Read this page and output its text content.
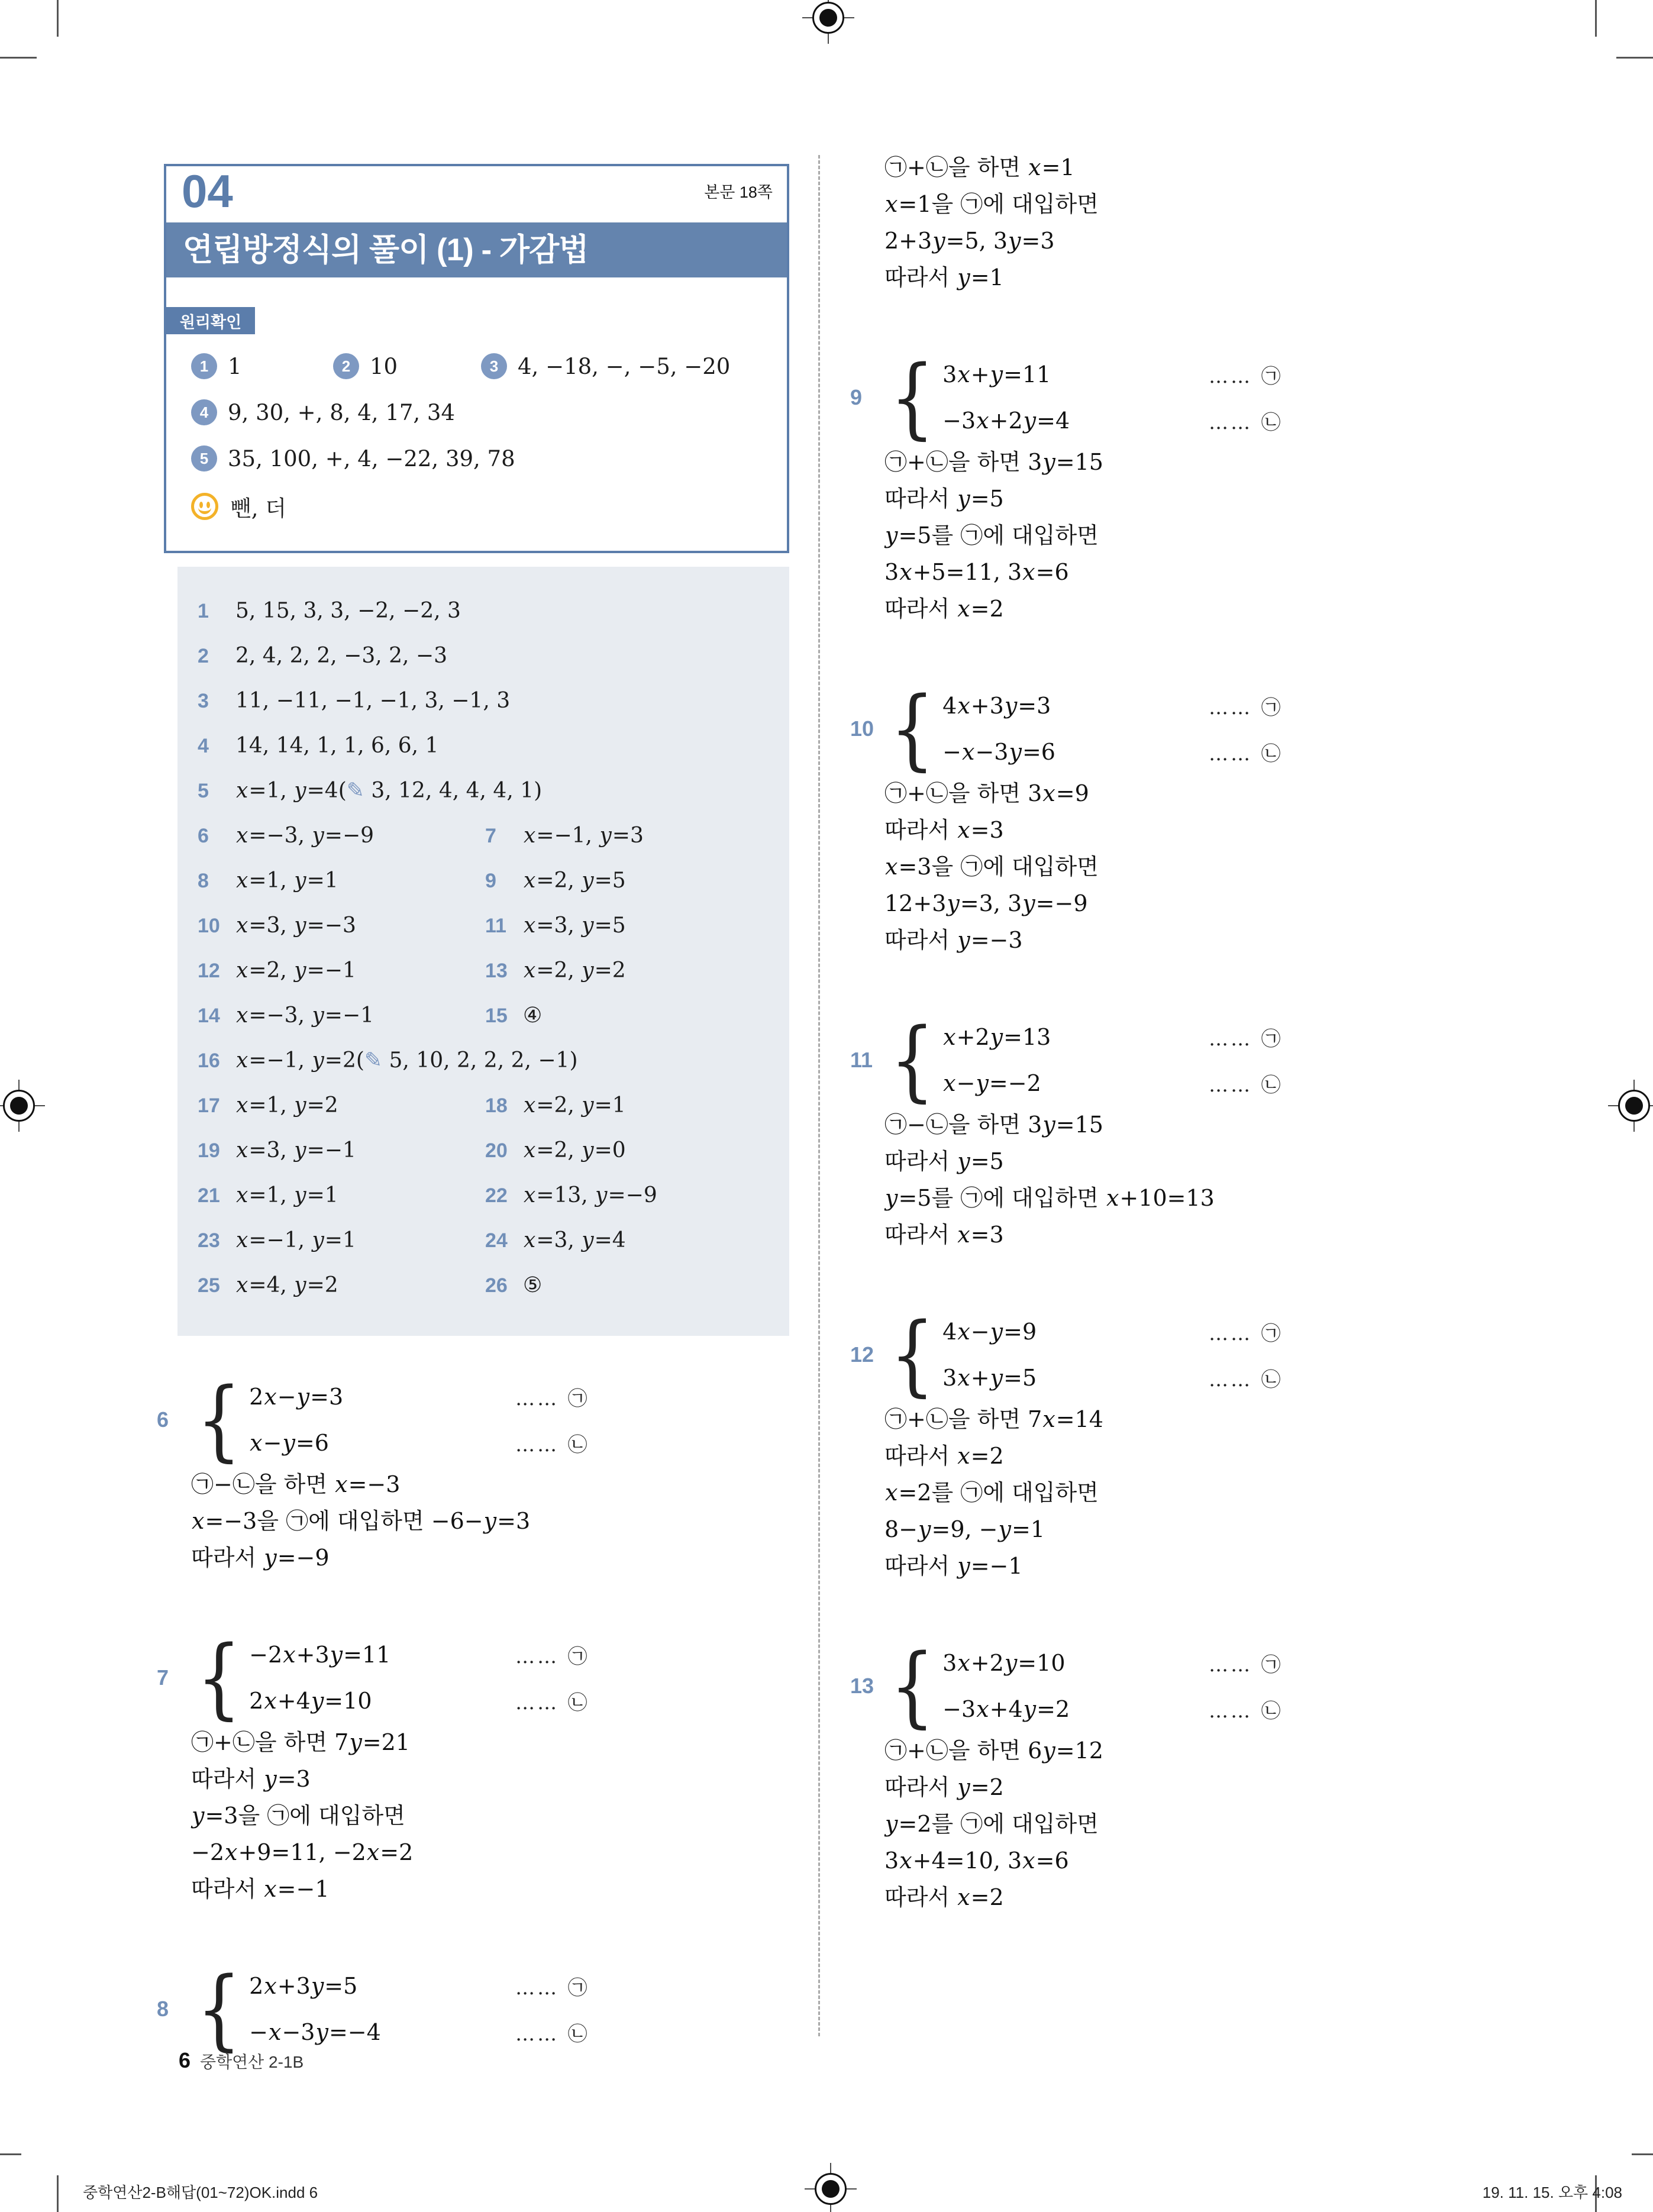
04	본문 18쪽
연립방정식의 풀이 (1) - 가감법
원리확인
1 1	2 10	3 4, −18, −, −5, −20
4 9, 30, +, 8, 4, 17, 34
5 35, 100, +, 4, −22, 39, 78
뺀, 더
1	5, 15, 3, 3, −2, −2, 3
2	2, 4, 2, 2, −3, 2, −3
3	11, −11, −1, −1, 3, −1, 3
4	14, 14, 1, 1, 6, 6, 1
5	x=1, y=4(✎ 3, 12, 4, 4, 4, 1)
6	x=−3, y=−9	7	x=−1, y=3
8	x=1, y=1	9	x=2, y=5
10 x=3, y=−3	11 x=3, y=5
12 x=2, y=−1	13 x=2, y=2
14 x=−3, y=−1	15 ④
16 x=−1, y=2(✎ 5, 10, 2, 2, 2, −1)
17 x=1, y=2	18 x=2, y=1
19 x=3, y=−1	20 x=2, y=0
21 x=1, y=1	22 x=13, y=−9
23 x=−1, y=1	24 x=3, y=4
25 x=4, y=2	26 ⑤
6 { 2x−y=3	…… ㉠
x−y=6	…… ㉡
㉠−㉡을 하면 x=−3
x=−3을 ㉠에 대입하면 −6−y=3
따라서 y=−9
7 { −2x+3y=11	…… ㉠
2x+4y=10	…… ㉡
㉠+㉡을 하면 7y=21
따라서 y=3
y=3을 ㉠에 대입하면
−2x+9=11, −2x=2
따라서 x=−1
8 { 2x+3y=5	…… ㉠
−x−3y=−4	…… ㉡
㉠+㉡을 하면 x=1
x=1을 ㉠에 대입하면
2+3y=5, 3y=3
따라서 y=1
9 { 3x+y=11	…… ㉠
−3x+2y=4	…… ㉡
㉠+㉡을 하면 3y=15
따라서 y=5
y=5를 ㉠에 대입하면
3x+5=11, 3x=6
따라서 x=2
10 { 4x+3y=3	…… ㉠
−x−3y=6	…… ㉡
㉠+㉡을 하면 3x=9
따라서 x=3
x=3을 ㉠에 대입하면
12+3y=3, 3y=−9
따라서 y=−3
11 { x+2y=13	…… ㉠
x−y=−2	…… ㉡
㉠−㉡을 하면 3y=15
따라서 y=5
y=5를 ㉠에 대입하면 x+10=13
따라서 x=3
12 { 4x−y=9	…… ㉠
3x+y=5	…… ㉡
㉠+㉡을 하면 7x=14
따라서 x=2
x=2를 ㉠에 대입하면
8−y=9, −y=1
따라서 y=−1
13 { 3x+2y=10	…… ㉠
−3x+4y=2	…… ㉡
㉠+㉡을 하면 6y=12
따라서 y=2
y=2를 ㉠에 대입하면
3x+4=10, 3x=6
따라서 x=2
6 중학연산 2-1B
중학연산2-B해답(01~72)OK.indd 6	19. 11. 15. 오후 4:08
